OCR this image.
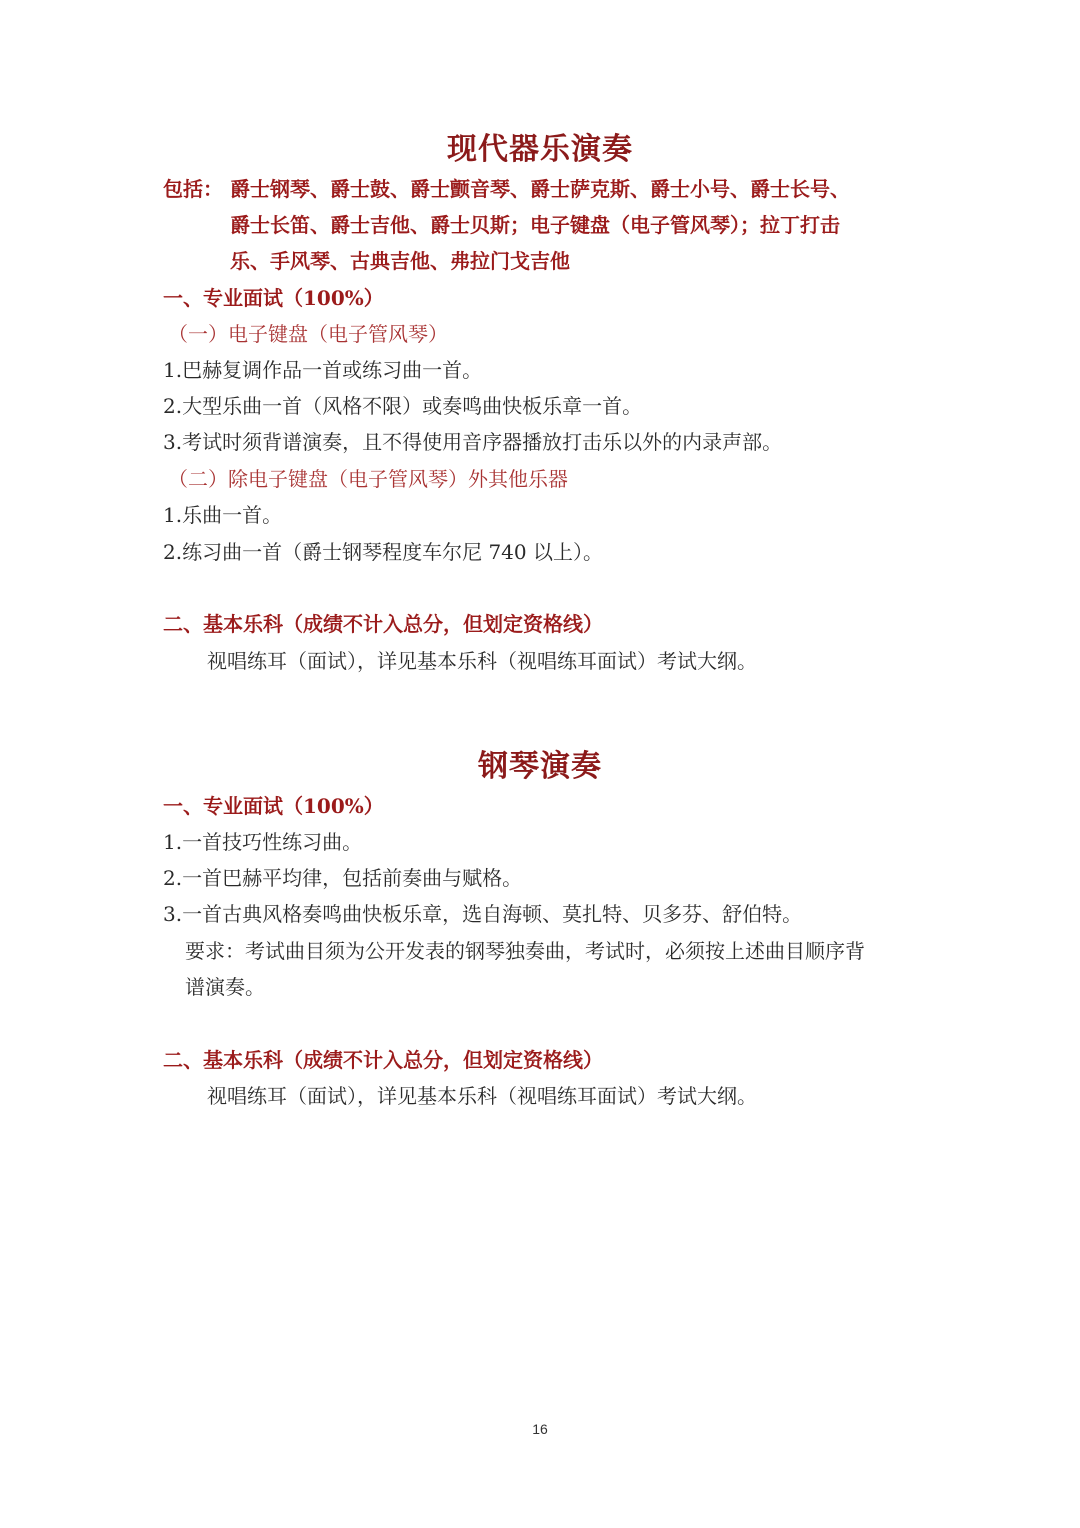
现代器乐演奏
包括： 爵士钢琴、爵士鼓、爵士颤音琴、爵士萨克斯、爵士小号、爵士长号、
爵士长笛、爵士吉他、爵士贝斯；电子键盘（电子管风琴）；拉丁打击
乐、手风琴、古典吉他、弗拉门戈吉他
一、专业面试（100%）
（一）电子键盘（电子管风琴）
1.巴赫复调作品一首或练习曲一首。
2.大型乐曲一首（风格不限）或奏鸣曲快板乐章一首。
3.考试时须背谱演奏，且不得使用音序器播放打击乐以外的内录声部。
（二）除电子键盘（电子管风琴）外其他乐器
1.乐曲一首。
2.练习曲一首（爵士钢琴程度车尔尼 740 以上）。
二、基本乐科（成绩不计入总分，但划定资格线）
视唱练耳（面试），详见基本乐科（视唱练耳面试）考试大纲。
钢琴演奏
一、专业面试（100%）
1.一首技巧性练习曲。
2.一首巴赫平均律，包括前奏曲与赋格。
3.一首古典风格奏鸣曲快板乐章，选自海顿、莫扎特、贝多芬、舒伯特。
要求：考试曲目须为公开发表的钢琴独奏曲，考试时，必须按上述曲目顺序背
谱演奏。
二、基本乐科（成绩不计入总分，但划定资格线）
视唱练耳（面试），详见基本乐科（视唱练耳面试）考试大纲。
16
